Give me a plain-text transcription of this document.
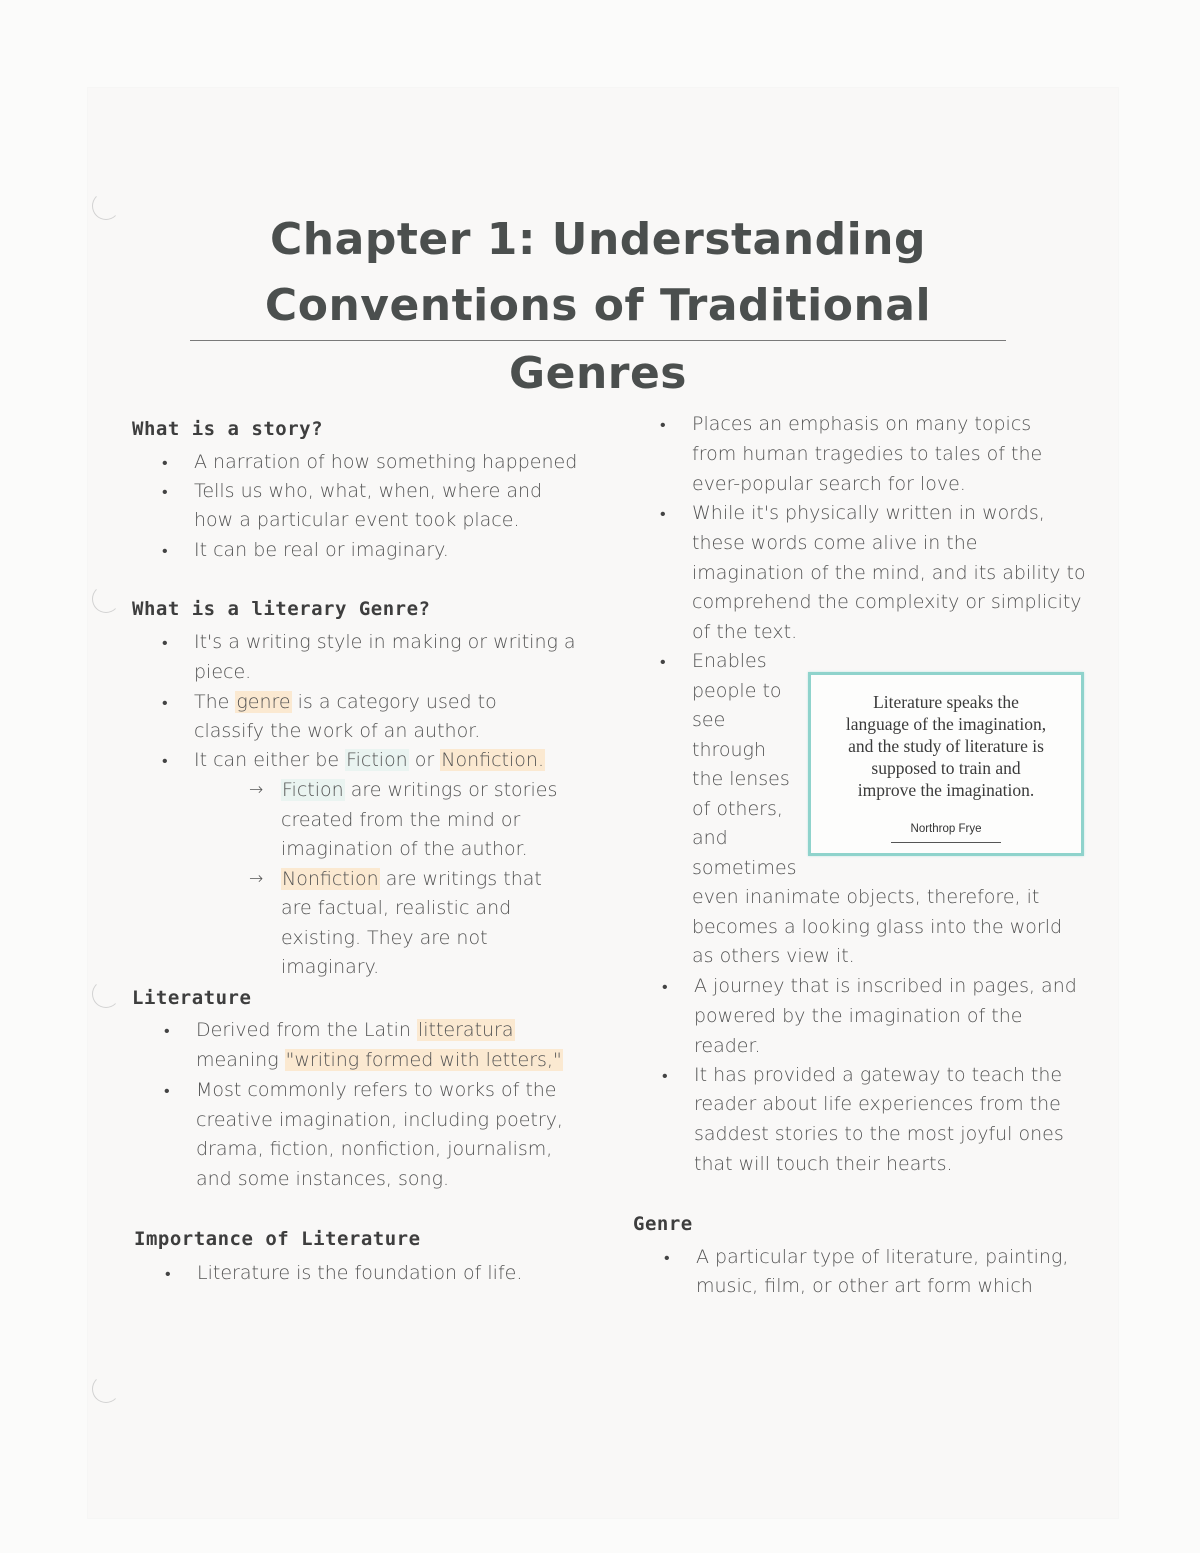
Chapter 1: Understanding
Conventions of Traditional Genres
What is a story?
• A narration of how something happened
• Tells us who, what, when, where and
how a particular event took place.
• It can be real or imaginary.
What is a literary Genre?
• It's a writing style in making or writing a
piece.
• The genre is a category used to
classify the work of an author.
• It can either be Fiction or Nonfiction.
→ Fiction are writings or stories
created from the mind or
imagination of the author.
→ Nonfiction are writings that
are factual, realistic and
existing. They are not
imaginary.
Literature
• Derived from the Latin litteratura
meaning "writing formed with letters,"
• Most commonly refers to works of the
creative imagination, including poetry,
drama, fiction, nonfiction, journalism,
and some instances, song.
Importance of Literature
• Literature is the foundation of life.
• Places an emphasis on many topics
from human tragedies to tales of the
ever-popular search for love.
• While it's physically written in words,
these words come alive in the
imagination of the mind, and its ability to
comprehend the complexity or simplicity
of the text.
• Enables
people to
see
through
the lenses
of others,
and
sometimes
even inanimate objects, therefore, it
becomes a looking glass into the world
as others view it.
• A journey that is inscribed in pages, and
powered by the imagination of the
reader.
• It has provided a gateway to teach the
reader about life experiences from the
saddest stories to the most joyful ones
that will touch their hearts.
Genre
• A particular type of literature, painting,
music, film, or other art form which
Literature speaks the
language of the imagination,
and the study of literature is
supposed to train and
improve the imagination.
Northrop Frye
